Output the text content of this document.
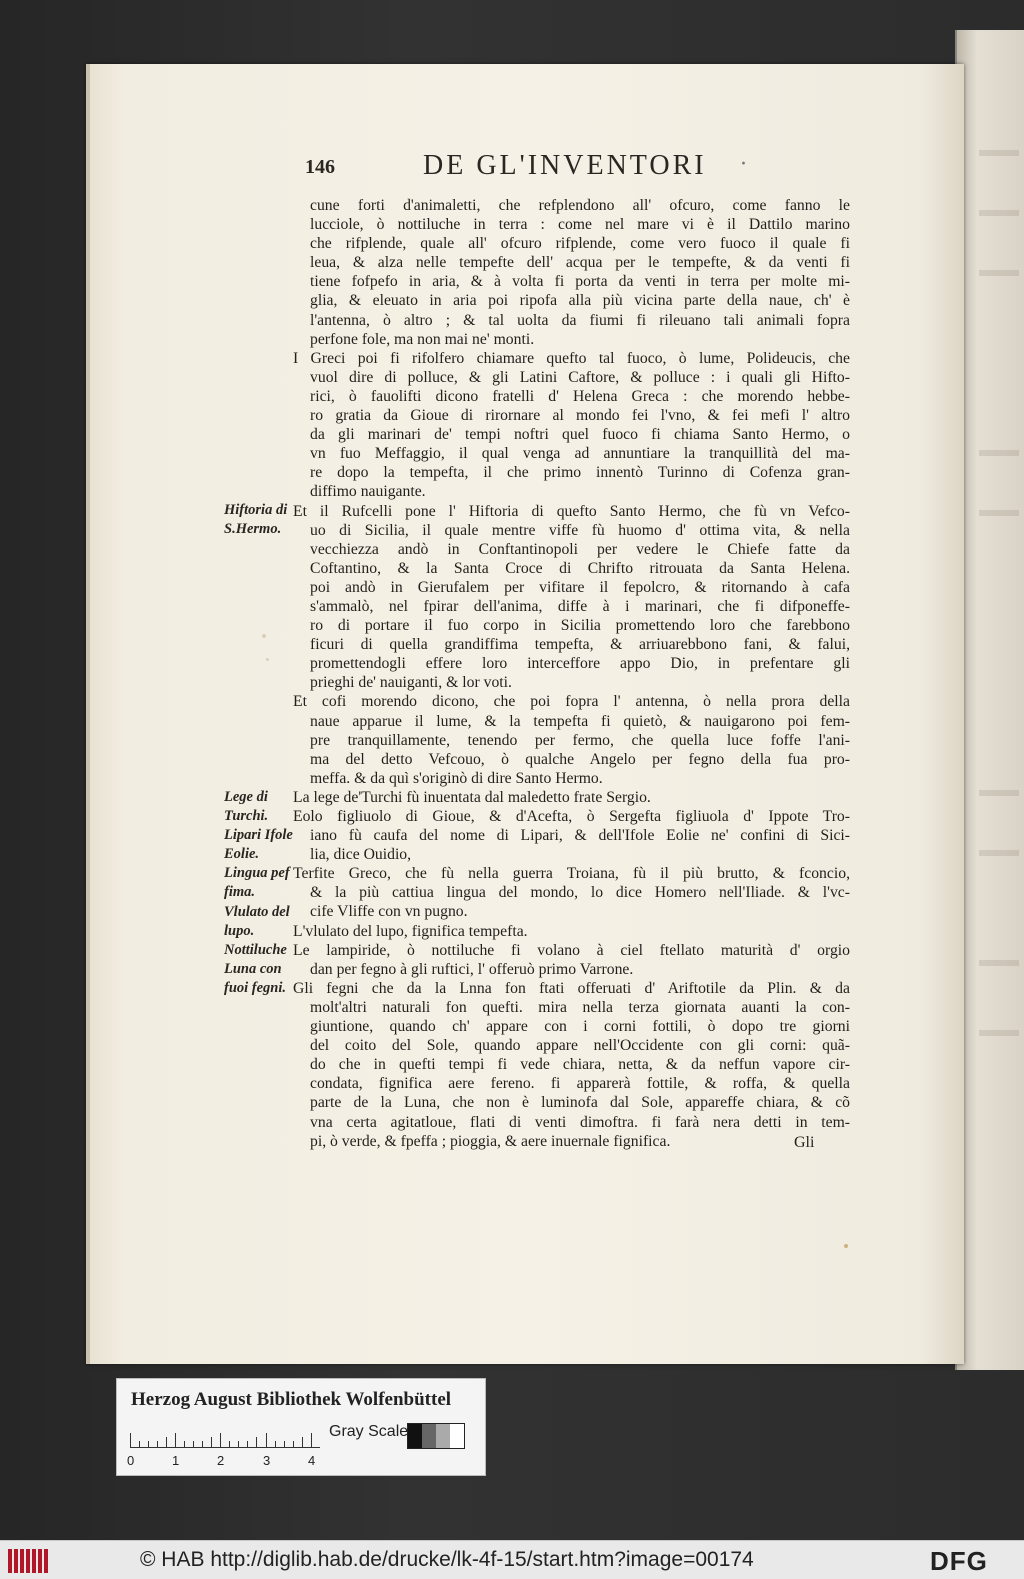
146	DE GL'INVENTORI ·
cune forti d'animaletti, che refplendono all' ofcuro, come fanno le
lucciole, ò nottiluche in terra : come nel mare vi è il Dattilo marino
che rifplende, quale all' ofcuro rifplende, come vero fuoco il quale fi
leua, & alza nelle tempefte dell' acqua per le tempefte, & da venti fi
tiene fofpefo in aria, & à volta fi porta da venti in terra per molte mi-
glia, & eleuato in aria poi ripofa alla più vicina parte della naue, ch' è
l'antenna, ò altro ; & tal uolta da fiumi fi rileuano tali animali fopra
perfone fole, ma non mai ne' monti.
I Greci poi fi rifolfero chiamare quefto tal fuoco, ò lume, Polideucis, che
vuol dire di polluce, & gli Latini Caftore, & polluce : i quali gli Hifto-
rici, ò fauolifti dicono fratelli d' Helena Greca : che morendo hebbe-
ro gratia da Gioue di rirornare al mondo fei l'vno, & fei mefi l' altro
da gli marinari de' tempi noftri quel fuoco fi chiama Santo Hermo, o
vn fuo Meffaggio, il qual venga ad annuntiare la tranquillità del ma-
re dopo la tempefta, il che primo innentò Turinno di Cofenza gran-
diffimo nauigante.
Et il Rufcelli pone l' Hiftoria di quefto Santo Hermo, che fù vn Vefco-
uo di Sicilia, il quale mentre viffe fù huomo d' ottima vita, & nella
vecchiezza andò in Conftantinopoli per vedere le Chiefe fatte da
Coftantino, & la Santa Croce di Chrifto ritrouata da Santa Helena.
poi andò in Gierufalem per vifitare il fepolcro, & ritornando à cafa
s'ammalò, nel fpirar dell'anima, diffe à i marinari, che fi difponeffe-
ro di portare il fuo corpo in Sicilia promettendo loro che farebbono
ficuri di quella grandiffima tempefta, & arriuarebbono fani, & falui,
promettendogli effere loro interceffore appo Dio, in prefentare gli
prieghi de' nauiganti, & lor voti.
Et cofi morendo dicono, che poi fopra l' antenna, ò nella prora della
naue apparue il lume, & la tempefta fi quietò, & nauigarono poi fem-
pre tranquillamente, tenendo per fermo, che quella luce foffe l'ani-
ma del detto Vefcouo, ò qualche Angelo per fegno della fua pro-
meffa. & da quì s'originò di dire Santo Hermo.
La lege de'Turchi fù inuentata dal maledetto frate Sergio.
Eolo figliuolo di Gioue, & d'Acefta, ò Sergefta figliuola d' Ippote Tro-
iano fù caufa del nome di Lipari, & dell'Ifole Eolie ne' confini di Sici-
lia, dice Ouidio,
Terfite Greco, che fù nella guerra Troiana, fù il più brutto, & fconcio,
& la più cattiua lingua del mondo, lo dice Homero nell'Iliade. & l'vc-
cife Vliffe con vn pugno.
L'vlulato del lupo, fignifica tempefta.
Le lampiride, ò nottiluche fi volano à ciel ftellato maturità d' orgio
dan per fegno à gli ruftici, l' offeruò primo Varrone.
Gli fegni che da la Lnna fon ftati offeruati d' Ariftotile da Plin. & da
molt'altri naturali fon quefti. mira nella terza giornata auanti la con-
giuntione, quando ch' appare con i corni fottili, ò dopo tre giorni
del coito del Sole, quando appare nell'Occidente con gli corni: quã-
do che in quefti tempi fi vede chiara, netta, & da neffun vapore cir-
condata, fignifica aere fereno. fi apparerà fottile, & roffa, & quella
parte de la Luna, che non è luminofa dal Sole, appareffe chiara, & cõ
vna certa agitatloue, flati di venti dimoftra. fi farà nera detti in tem-
pi, ò verde, & fpeffa ; pioggia, & aere inuernale fignifica.
Hiftoria di
S.Hermo.
Lege di
Turchi.
Lipari Ifole
Eolie.
Lingua pef
fima.
Vlulato del
lupo.
Nottiluche
Luna con
fuoi fegni.
Gli
Herzog August Bibliothek Wolfenbüttel
0	1	2	3	4
Gray Scale
© HAB http://diglib.hab.de/drucke/lk-4f-15/start.htm?image=00174	DFG
